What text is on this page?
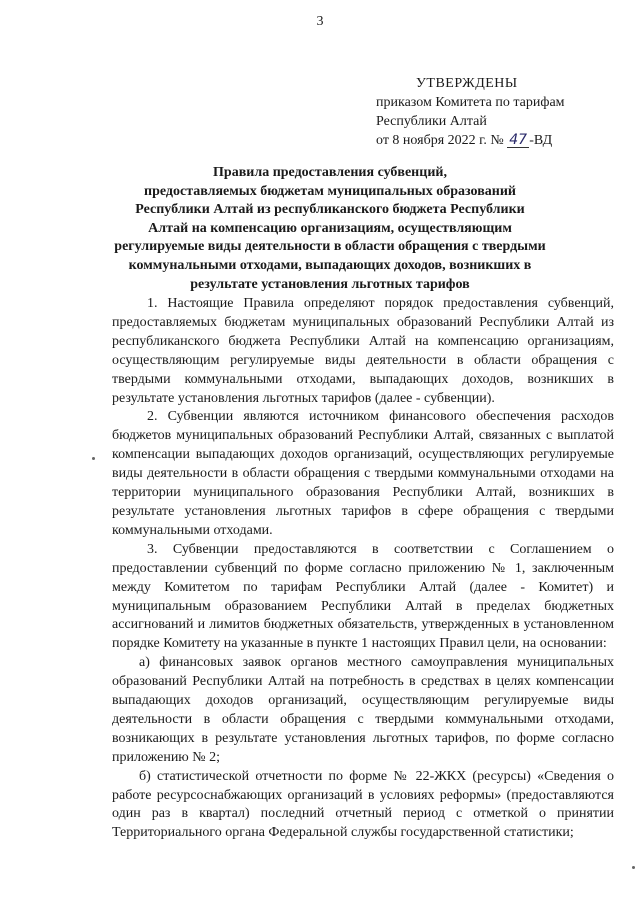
3
УТВЕРЖДЕНЫ
приказом Комитета по тарифам
Республики Алтай
от 8 ноября 2022 г. № 47 -ВД
Правила предоставления субвенций,
предоставляемых бюджетам муниципальных образований
Республики Алтай из республиканского бюджета Республики
Алтай на компенсацию организациям, осуществляющим
регулируемые виды деятельности в области обращения с твердыми
коммунальными отходами, выпадающих доходов, возникших в
результате установления льготных тарифов

1. Настоящие Правила определяют порядок предоставления субвенций, предоставляемых бюджетам муниципальных образований Республики Алтай из республиканского бюджета Республики Алтай на компенсацию организациям, осуществляющим регулируемые виды деятельности в области обращения с твердыми коммунальными отходами, выпадающих доходов, возникших в результате установления льготных тарифов (далее - субвенции).

2. Субвенции являются источником финансового обеспечения расходов бюджетов муниципальных образований Республики Алтай, связанных с выплатой компенсации выпадающих доходов организаций, осуществляющих регулируемые виды деятельности в области обращения с твердыми коммунальными отходами на территории муниципального образования Республики Алтай, возникших в результате установления льготных тарифов в сфере обращения с твердыми коммунальными отходами.

3. Субвенции предоставляются в соответствии с Соглашением о предоставлении субвенций по форме согласно приложению № 1, заключенным между Комитетом по тарифам Республики Алтай (далее - Комитет) и муниципальным образованием Республики Алтай в пределах бюджетных ассигнований и лимитов бюджетных обязательств, утвержденных в установленном порядке Комитету на указанные в пункте 1 настоящих Правил цели, на основании:

а) финансовых заявок органов местного самоуправления муниципальных образований Республики Алтай на потребность в средствах в целях компенсации выпадающих доходов организаций, осуществляющим регулируемые виды деятельности в области обращения с твердыми коммунальными отходами, возникающих в результате установления льготных тарифов, по форме согласно приложению № 2;

б) статистической отчетности по форме № 22-ЖКХ (ресурсы) «Сведения о работе ресурсоснабжающих организаций в условиях реформы» (предоставляются один раз в квартал) последний отчетный период с отметкой о принятии Территориального органа Федеральной службы государственной статистики;
